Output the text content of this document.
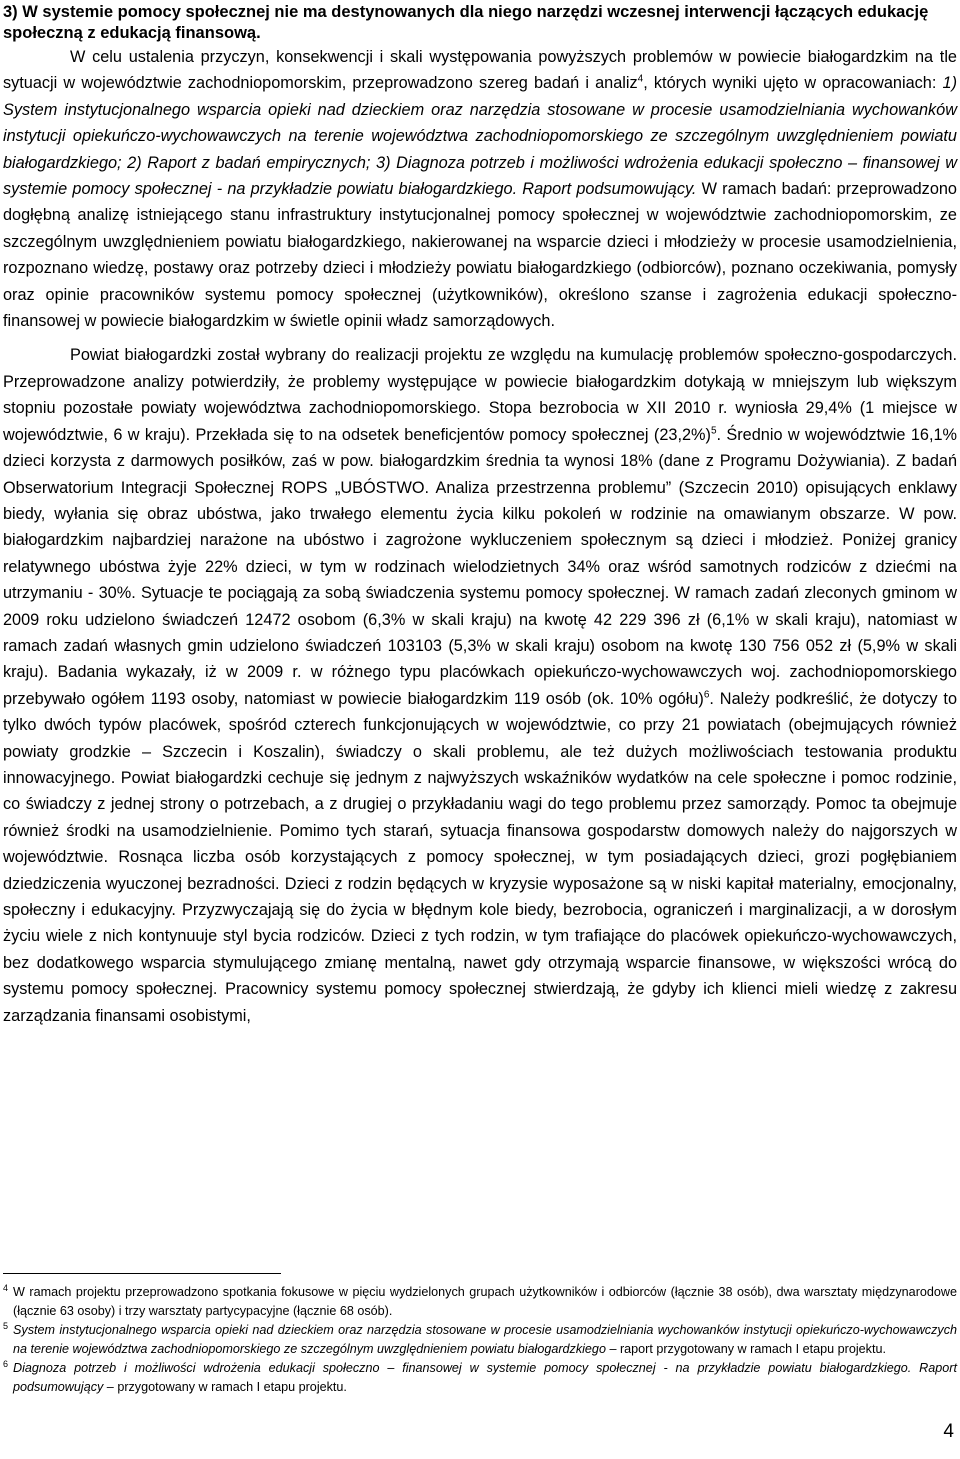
3) W systemie pomocy społecznej nie ma destynowanych dla niego narzędzi wczesnej interwencji łączących edukację społeczną z edukacją finansową.

W celu ustalenia przyczyn, konsekwencji i skali występowania powyższych problemów w powiecie białogardzkim na tle sytuacji w województwie zachodniopomorskim, przeprowadzono szereg badań i analiz$^4$, których wyniki ujęto w opracowaniach: 1) System instytucjonalnego wsparcia opieki nad dzieckiem oraz narzędzia stosowane w procesie usamodzielniania wychowanków instytucji opiekuńczo-wychowawczych na terenie województwa zachodniopomorskiego ze szczególnym uwzględnieniem powiatu białogardzkiego; 2) Raport z badań empirycznych; 3) Diagnoza potrzeb i możliwości wdrożenia edukacji społeczno – finansowej w systemie pomocy społecznej - na przykładzie powiatu białogardzkiego. Raport podsumowujący. W ramach badań: przeprowadzono dogłębną analizę istniejącego stanu infrastruktury instytucjonalnej pomocy społecznej w województwie zachodniopomorskim, ze szczególnym uwzględnieniem powiatu białogardzkiego, nakierowanej na wsparcie dzieci i młodzieży w procesie usamodzielnienia, rozpoznano wiedzę, postawy oraz potrzeby dzieci i młodzieży powiatu białogardzkiego (odbiorców), poznano oczekiwania, pomysły oraz opinie pracowników systemu pomocy społecznej (użytkowników), określono szanse i zagrożenia edukacji społeczno-finansowej w powiecie białogardzkim w świetle opinii władz samorządowych.

Powiat białogardzki został wybrany do realizacji projektu ze względu na kumulację problemów społeczno-gospodarczych. Przeprowadzone analizy potwierdziły, że problemy występujące w powiecie białogardzkim dotykają w mniejszym lub większym stopniu pozostałe powiaty województwa zachodniopomorskiego. Stopa bezrobocia w XII 2010 r. wyniosła 29,4% (1 miejsce w województwie, 6 w kraju). Przekłada się to na odsetek beneficjentów pomocy społecznej $(23,2\%)^5$. Średnio w województwie 16,1% dzieci korzysta z darmowych posiłków, zaś w pow. białogardzkim średnia ta wynosi 18% (dane z Programu Dożywiania). Z badań Obserwatorium Integracji Społecznej ROPS „UBÓSTWO. Analiza przestrzenna problemu” (Szczecin 2010) opisujących enklawy biedy, wyłania się obraz ubóstwa, jako trwałego elementu życia kilku pokoleń w rodzinie na omawianym obszarze. W pow. białogardzkim najbardziej narażone na ubóstwo i zagrożone wykluczeniem społecznym są dzieci i młodzież. Poniżej granicy relatywnego ubóstwa żyje 22% dzieci, w tym w rodzinach wielodzietnych 34% oraz wśród samotnych rodziców z dziećmi na utrzymaniu - 30%. Sytuacje te pociągają za sobą świadczenia systemu pomocy społecznej. W ramach zadań zleconych gminom w 2009 roku udzielono świadczeń 12472 osobom (6,3% w skali kraju) na kwotę 42 229 396 zł (6,1% w skali kraju), natomiast w ramach zadań własnych gmin udzielono świadczeń 103103 (5,3% w skali kraju) osobom na kwotę 130 756 052 zł (5,9% w skali kraju). Badania wykazały, iż w 2009 r. w różnego typu placówkach opiekuńczo-wychowawczych woj. zachodniopomorskiego przebywało ogółem 1193 osoby, natomiast w powiecie białogardzkim 119 osób (ok. 10% ogółu)$^6$. Należy podkreślić, że dotyczy to tylko dwóch typów placówek, spośród czterech funkcjonujących w województwie, co przy 21 powiatach (obejmujących również powiaty grodzkie – Szczecin i Koszalin), świadczy o skali problemu, ale też dużych możliwościach testowania produktu innowacyjnego. Powiat białogardzki cechuje się jednym z najwyższych wskaźników wydatków na cele społeczne i pomoc rodzinie, co świadczy z jednej strony o potrzebach, a z drugiej o przykładaniu wagi do tego problemu przez samorządy. Pomoc ta obejmuje również środki na usamodzielnienie. Pomimo tych starań, sytuacja finansowa gospodarstw domowych należy do najgorszych w województwie. Rosnąca liczba osób korzystających z pomocy społecznej, w tym posiadających dzieci, grozi pogłębianiem dziedziczenia wyuczonej bezradności. Dzieci z rodzin będących w kryzysie wyposażone są w niski kapitał materialny, emocjonalny, społeczny i edukacyjny. Przyzwyczajają się do życia w błędnym kole biedy, bezrobocia, ograniczeń i marginalizacji, a w dorosłym życiu wiele z nich kontynuuje styl bycia rodziców. Dzieci z tych rodzin, w tym trafiające do placówek opiekuńczo-wychowawczych, bez dodatkowego wsparcia stymulującego zmianę mentalną, nawet gdy otrzymają wsparcie finansowe, w większości wrócą do systemu pomocy społecznej. Pracownicy systemu pomocy społecznej stwierdzają, że gdyby ich klienci mieli wiedzę z zakresu zarządzania finansami osobistymi,

4 W ramach projektu przeprowadzono spotkania fokusowe w pięciu wydzielonych grupach użytkowników i odbiorców (łącznie 38 osób), dwa warsztaty międzynarodowe (łącznie 63 osoby) i trzy warsztaty partycypacyjne (łącznie 68 osób).
5 System instytucjonalnego wsparcia opieki nad dzieckiem oraz narzędzia stosowane w procesie usamodzielniania wychowanków instytucji opiekuńczo-wychowawczych na terenie województwa zachodniopomorskiego ze szczególnym uwzględnieniem powiatu białogardzkiego – raport przygotowany w ramach I etapu projektu.
6 Diagnoza potrzeb i możliwości wdrożenia edukacji społeczno – finansowej w systemie pomocy społecznej - na przykładzie powiatu białogardzkiego. Raport podsumowujący – przygotowany w ramach I etapu projektu.
4
